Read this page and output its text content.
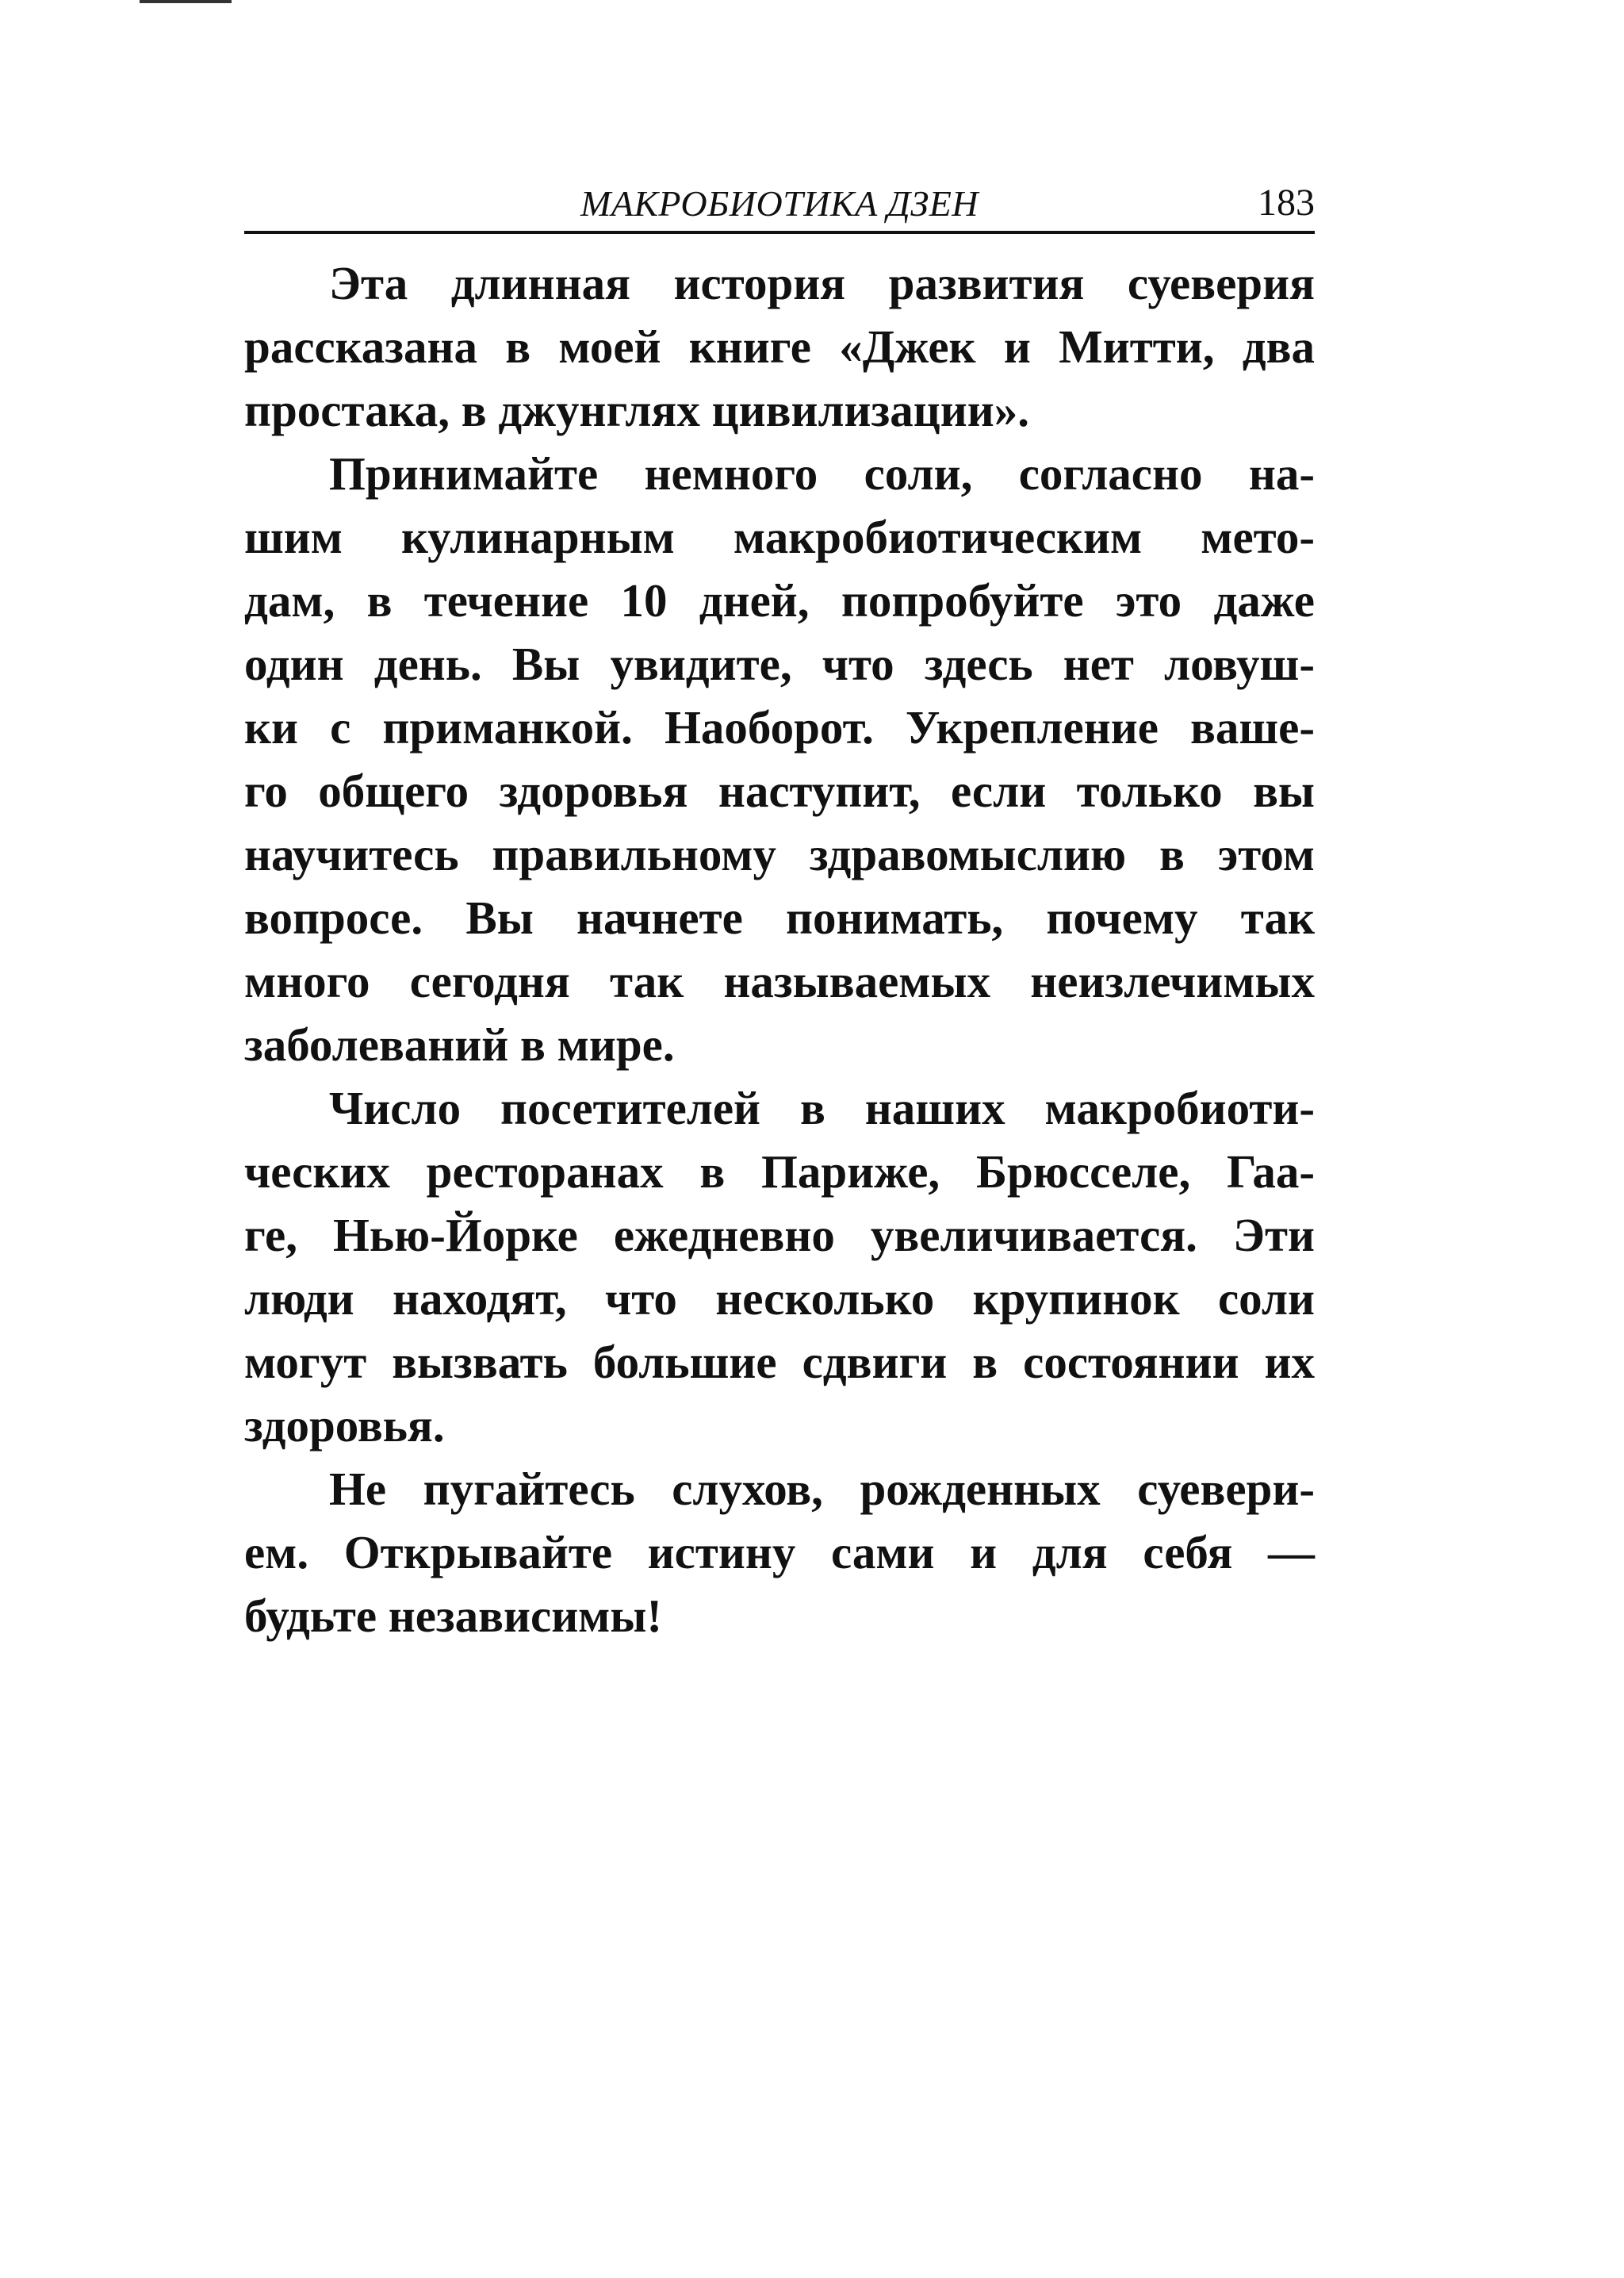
МАКРОБИОТИКА ДЗЕН	183
Эта длинная история развития суеверия
рассказана в моей книге «Джек и Митти, два
простака, в джунглях цивилизации».
Принимайте немного соли, согласно на-
шим кулинарным макробиотическим мето-
дам, в течение 10 дней, попробуйте это даже
один день. Вы увидите, что здесь нет ловуш-
ки с приманкой. Наоборот. Укрепление ваше-
го общего здоровья наступит, если только вы
научитесь правильному здравомыслию в этом
вопросе. Вы начнете понимать, почему так
много сегодня так называемых неизлечимых
заболеваний в мире.
Число посетителей в наших макробиоти-
ческих ресторанах в Париже, Брюсселе, Гаа-
ге, Нью-Йорке ежедневно увеличивается. Эти
люди находят, что несколько крупинок соли
могут вызвать большие сдвиги в состоянии их
здоровья.
Не пугайтесь слухов, рожденных суевери-
ем. Открывайте истину сами и для себя —
будьте независимы!
